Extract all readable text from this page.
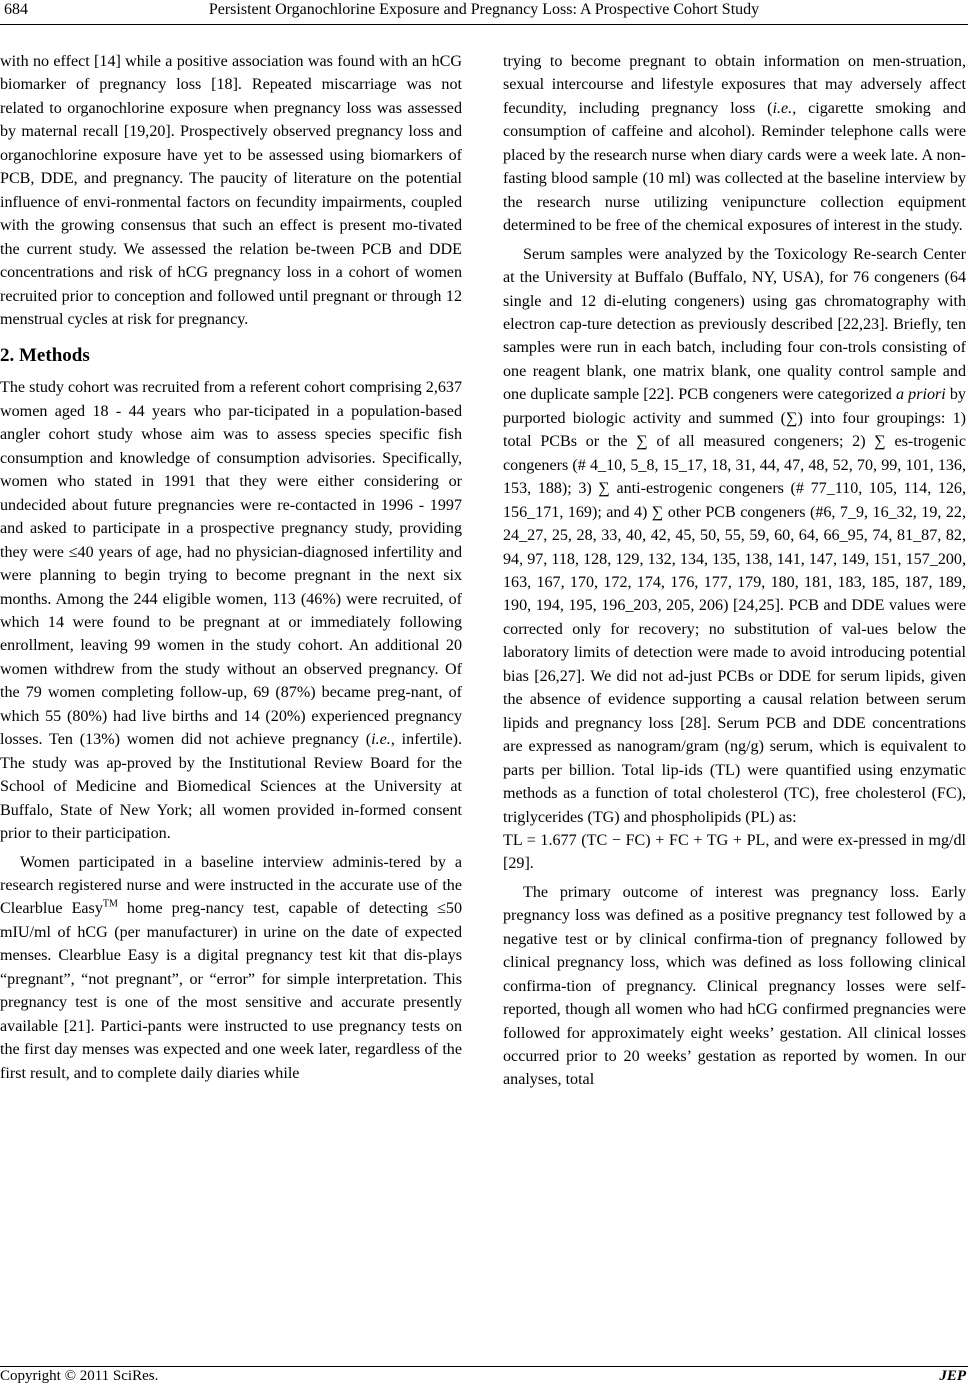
684	Persistent Organochlorine Exposure and Pregnancy Loss: A Prospective Cohort Study

with no effect [14] while a positive association was found with an hCG biomarker of pregnancy loss [18]. Repeated miscarriage was not related to organochlorine exposure when pregnancy loss was assessed by maternal recall [19,20]. Prospectively observed pregnancy loss and organochlorine exposure have yet to be assessed using biomarkers of PCB, DDE, and pregnancy. The paucity of literature on the potential influence of envi-ronmental factors on fecundity impairments, coupled with the growing consensus that such an effect is present mo-tivated the current study. We assessed the relation be-tween PCB and DDE concentrations and risk of hCG pregnancy loss in a cohort of women recruited prior to conception and followed until pregnant or through 12 menstrual cycles at risk for pregnancy.

2. Methods

The study cohort was recruited from a referent cohort comprising 2,637 women aged 18 - 44 years who par-ticipated in a population-based angler cohort study whose aim was to assess species specific fish consumption and knowledge of consumption advisories. Specifically, women who stated in 1991 that they were either considering or undecided about future pregnancies were re-contacted in 1996 - 1997 and asked to participate in a prospective pregnancy study, providing they were ≤40 years of age, had no physician-diagnosed infertility and were planning to begin trying to become pregnant in the next six months. Among the 244 eligible women, 113 (46%) were recruited, of which 14 were found to be pregnant at or immediately following enrollment, leaving 99 women in the study cohort. An additional 20 women withdrew from the study without an observed pregnancy. Of the 79 women completing follow-up, 69 (87%) became preg-nant, of which 55 (80%) had live births and 14 (20%) experienced pregnancy losses. Ten (13%) women did not achieve pregnancy (i.e., infertile). The study was ap-proved by the Institutional Review Board for the School of Medicine and Biomedical Sciences at the University at Buffalo, State of New York; all women provided in-formed consent prior to their participation.

Women participated in a baseline interview adminis-tered by a research registered nurse and were instructed in the accurate use of the Clearblue Easy™ home preg-nancy test, capable of detecting ≤50 mIU/ml of hCG (per manufacturer) in urine on the date of expected menses. Clearblue Easy is a digital pregnancy test kit that dis-plays “pregnant”, “not pregnant”, or “error” for simple interpretation. This pregnancy test is one of the most sensitive and accurate presently available [21]. Partici-pants were instructed to use pregnancy tests on the first day menses was expected and one week later, regardless of the first result, and to complete daily diaries while

trying to become pregnant to obtain information on men-struation, sexual intercourse and lifestyle exposures that may adversely affect fecundity, including pregnancy loss (i.e., cigarette smoking and consumption of caffeine and alcohol). Reminder telephone calls were placed by the research nurse when diary cards were a week late. A non-fasting blood sample (10 ml) was collected at the baseline interview by the research nurse utilizing venipuncture collection equipment determined to be free of the chemical exposures of interest in the study.

Serum samples were analyzed by the Toxicology Re-search Center at the University at Buffalo (Buffalo, NY, USA), for 76 congeners (64 single and 12 di-eluting congeners) using gas chromatography with electron cap-ture detection as previously described [22,23]. Briefly, ten samples were run in each batch, including four con-trols consisting of one reagent blank, one matrix blank, one quality control sample and one duplicate sample [22]. PCB congeners were categorized a priori by purported biologic activity and summed (∑) into four groupings: 1) total PCBs or the ∑ of all measured congeners; 2) ∑ es-trogenic congeners (# 4_10, 5_8, 15_17, 18, 31, 44, 47, 48, 52, 70, 99, 101, 136, 153, 188); 3) ∑ anti-estrogenic congeners (# 77_110, 105, 114, 126, 156_171, 169); and 4) ∑ other PCB congeners (#6, 7_9, 16_32, 19, 22, 24_27, 25, 28, 33, 40, 42, 45, 50, 55, 59, 60, 64, 66_95, 74, 81_87, 82, 94, 97, 118, 128, 129, 132, 134, 135, 138, 141, 147, 149, 151, 157_200, 163, 167, 170, 172, 174, 176, 177, 179, 180, 181, 183, 185, 187, 189, 190, 194, 195, 196_203, 205, 206) [24,25]. PCB and DDE values were corrected only for recovery; no substitution of val-ues below the laboratory limits of detection were made to avoid introducing potential bias [26,27]. We did not ad-just PCBs or DDE for serum lipids, given the absence of evidence supporting a causal relation between serum lipids and pregnancy loss [28]. Serum PCB and DDE concentrations are expressed as nanogram/gram (ng/g) serum, which is equivalent to parts per billion. Total lip-ids (TL) were quantified using enzymatic methods as a function of total cholesterol (TC), free cholesterol (FC), triglycerides (TG) and phospholipids (PL) as:

TL = 1.677 (TC − FC) + FC + TG + PL, and were ex-pressed in mg/dl [29].

The primary outcome of interest was pregnancy loss. Early pregnancy loss was defined as a positive pregnancy test followed by a negative test or by clinical confirma-tion of pregnancy followed by clinical pregnancy loss, which was defined as loss following clinical confirma-tion of pregnancy. Clinical pregnancy losses were self-reported, though all women who had hCG confirmed pregnancies were followed for approximately eight weeks’ gestation. All clinical losses occurred prior to 20 weeks’ gestation as reported by women. In our analyses, total

Copyright © 2011 SciRes.	JEP
